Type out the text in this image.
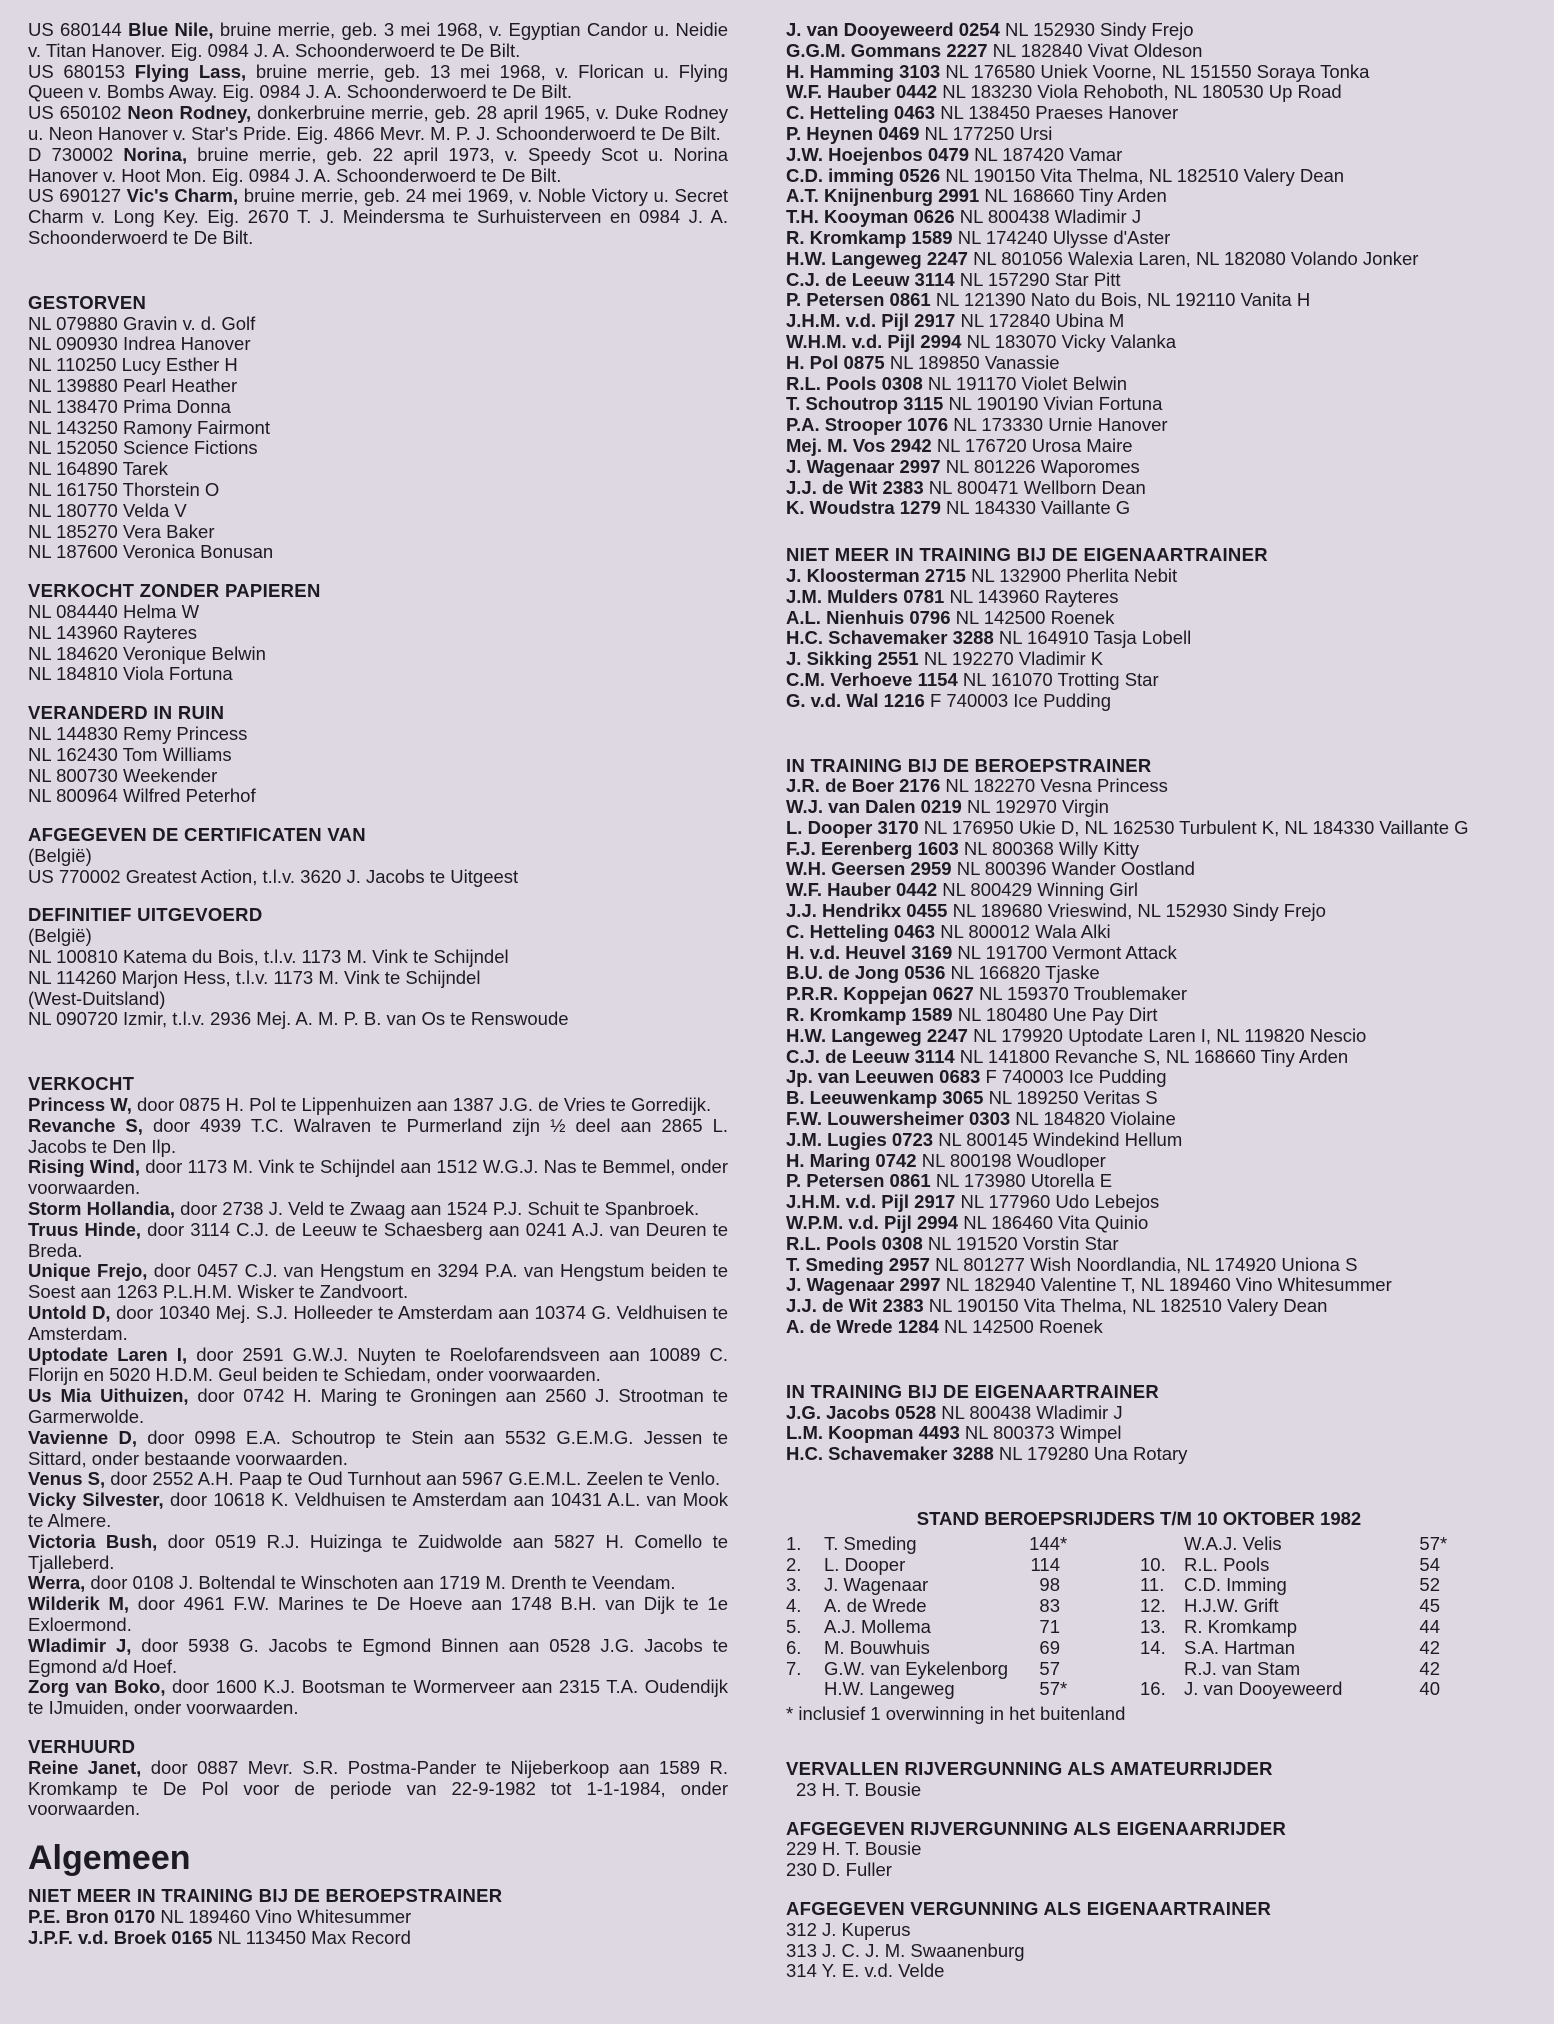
US 680144 Blue Nile, bruine merrie, geb. 3 mei 1968, v. Egyptian Candor u. Neidie v. Titan Hanover. Eig. 0984 J. A. Schoonderwoerd te De Bilt.

US 680153 Flying Lass, bruine merrie, geb. 13 mei 1968, v. Florican u. Flying Queen v. Bombs Away. Eig. 0984 J. A. Schoonderwoerd te De Bilt.

US 650102 Neon Rodney, donkerbruine merrie, geb. 28 april 1965, v. Duke Rodney u. Neon Hanover v. Star's Pride. Eig. 4866 Mevr. M. P. J. Schoonderwoerd te De Bilt.

D 730002 Norina, bruine merrie, geb. 22 april 1973, v. Speedy Scot u. Norina Hanover v. Hoot Mon. Eig. 0984 J. A. Schoonderwoerd te De Bilt.

US 690127 Vic's Charm, bruine merrie, geb. 24 mei 1969, v. Noble Victory u. Secret Charm v. Long Key. Eig. 2670 T. J. Meindersma te Surhuisterveen en 0984 J. A. Schoonderwoerd te De Bilt.

GESTORVEN
NL 079880 Gravin v. d. Golf
NL 090930 Indrea Hanover
NL 110250 Lucy Esther H
NL 139880 Pearl Heather
NL 138470 Prima Donna
NL 143250 Ramony Fairmont
NL 152050 Science Fictions
NL 164890 Tarek
NL 161750 Thorstein O
NL 180770 Velda V
NL 185270 Vera Baker
NL 187600 Veronica Bonusan
VERKOCHT ZONDER PAPIEREN
NL 084440 Helma W
NL 143960 Rayteres
NL 184620 Veronique Belwin
NL 184810 Viola Fortuna
VERANDERD IN RUIN
NL 144830 Remy Princess
NL 162430 Tom Williams
NL 800730 Weekender
NL 800964 Wilfred Peterhof
AFGEGEVEN DE CERTIFICATEN VAN
(België)
US 770002 Greatest Action, t.l.v. 3620 J. Jacobs te Uitgeest
DEFINITIEF UITGEVOERD
(België)
NL 100810 Katema du Bois, t.l.v. 1173 M. Vink te Schijndel
NL 114260 Marjon Hess, t.l.v. 1173 M. Vink te Schijndel
(West-Duitsland)
NL 090720 Izmir, t.l.v. 2936 Mej. A. M. P. B. van Os te Renswoude
VERKOCHT

Princess W, door 0875 H. Pol te Lippenhuizen aan 1387 J.G. de Vries te Gorredijk.

Revanche S, door 4939 T.C. Walraven te Purmerland zijn ½ deel aan 2865 L. Jacobs te Den Ilp.

Rising Wind, door 1173 M. Vink te Schijndel aan 1512 W.G.J. Nas te Bemmel, onder voorwaarden.

Storm Hollandia, door 2738 J. Veld te Zwaag aan 1524 P.J. Schuit te Spanbroek.

Truus Hinde, door 3114 C.J. de Leeuw te Schaesberg aan 0241 A.J. van Deuren te Breda.

Unique Frejo, door 0457 C.J. van Hengstum en 3294 P.A. van Hengstum beiden te Soest aan 1263 P.L.H.M. Wisker te Zandvoort.

Untold D, door 10340 Mej. S.J. Holleeder te Amsterdam aan 10374 G. Veldhuisen te Amsterdam.

Uptodate Laren I, door 2591 G.W.J. Nuyten te Roelofarendsveen aan 10089 C. Florijn en 5020 H.D.M. Geul beiden te Schiedam, onder voorwaarden.

Us Mia Uithuizen, door 0742 H. Maring te Groningen aan 2560 J. Strootman te Garmerwolde.

Vavienne D, door 0998 E.A. Schoutrop te Stein aan 5532 G.E.M.G. Jessen te Sittard, onder bestaande voorwaarden.

Venus S, door 2552 A.H. Paap te Oud Turnhout aan 5967 G.E.M.L. Zeelen te Venlo.

Vicky Silvester, door 10618 K. Veldhuisen te Amsterdam aan 10431 A.L. van Mook te Almere.

Victoria Bush, door 0519 R.J. Huizinga te Zuidwolde aan 5827 H. Comello te Tjalleberd.

Werra, door 0108 J. Boltendal te Winschoten aan 1719 M. Drenth te Veendam.

Wilderik M, door 4961 F.W. Marines te De Hoeve aan 1748 B.H. van Dijk te 1e Exloermond.

Wladimir J, door 5938 G. Jacobs te Egmond Binnen aan 0528 J.G. Jacobs te Egmond a/d Hoef.

Zorg van Boko, door 1600 K.J. Bootsman te Wormerveer aan 2315 T.A. Oudendijk te IJmuiden, onder voorwaarden.

VERHUURD

Reine Janet, door 0887 Mevr. S.R. Postma-Pander te Nijeberkoop aan 1589 R. Kromkamp te De Pol voor de periode van 22-9-1982 tot 1-1-1984, onder voorwaarden.

Algemeen
NIET MEER IN TRAINING BIJ DE BEROEPSTRAINER
P.E. Bron 0170 NL 189460 Vino Whitesummer
J.P.F. v.d. Broek 0165 NL 113450 Max Record
J. van Dooyeweerd 0254 NL 152930 Sindy Frejo
G.G.M. Gommans 2227 NL 182840 Vivat Oldeson
H. Hamming 3103 NL 176580 Uniek Voorne, NL 151550 Soraya Tonka
W.F. Hauber 0442 NL 183230 Viola Rehoboth, NL 180530 Up Road
C. Hetteling 0463 NL 138450 Praeses Hanover
P. Heynen 0469 NL 177250 Ursi
J.W. Hoejenbos 0479 NL 187420 Vamar
C.D. imming 0526 NL 190150 Vita Thelma, NL 182510 Valery Dean
A.T. Knijnenburg 2991 NL 168660 Tiny Arden
T.H. Kooyman 0626 NL 800438 Wladimir J
R. Kromkamp 1589 NL 174240 Ulysse d'Aster
H.W. Langeweg 2247 NL 801056 Walexia Laren, NL 182080 Volando Jonker
C.J. de Leeuw 3114 NL 157290 Star Pitt
P. Petersen 0861 NL 121390 Nato du Bois, NL 192110 Vanita H
J.H.M. v.d. Pijl 2917 NL 172840 Ubina M
W.H.M. v.d. Pijl 2994 NL 183070 Vicky Valanka
H. Pol 0875 NL 189850 Vanassie
R.L. Pools 0308 NL 191170 Violet Belwin
T. Schoutrop 3115 NL 190190 Vivian Fortuna
P.A. Strooper 1076 NL 173330 Urnie Hanover
Mej. M. Vos 2942 NL 176720 Urosa Maire
J. Wagenaar 2997 NL 801226 Waporomes
J.J. de Wit 2383 NL 800471 Wellborn Dean
K. Woudstra 1279 NL 184330 Vaillante G
NIET MEER IN TRAINING BIJ DE EIGENAARTRAINER
J. Kloosterman 2715 NL 132900 Pherlita Nebit
J.M. Mulders 0781 NL 143960 Rayteres
A.L. Nienhuis 0796 NL 142500 Roenek
H.C. Schavemaker 3288 NL 164910 Tasja Lobell
J. Sikking 2551 NL 192270 Vladimir K
C.M. Verhoeve 1154 NL 161070 Trotting Star
G. v.d. Wal 1216 F 740003 Ice Pudding
IN TRAINING BIJ DE BEROEPSTRAINER
J.R. de Boer 2176 NL 182270 Vesna Princess
W.J. van Dalen 0219 NL 192970 Virgin
L. Dooper 3170 NL 176950 Ukie D, NL 162530 Turbulent K, NL 184330 Vaillante G
F.J. Eerenberg 1603 NL 800368 Willy Kitty
W.H. Geersen 2959 NL 800396 Wander Oostland
W.F. Hauber 0442 NL 800429 Winning Girl
J.J. Hendrikx 0455 NL 189680 Vrieswind, NL 152930 Sindy Frejo
C. Hetteling 0463 NL 800012 Wala Alki
H. v.d. Heuvel 3169 NL 191700 Vermont Attack
B.U. de Jong 0536 NL 166820 Tjaske
P.R.R. Koppejan 0627 NL 159370 Troublemaker
R. Kromkamp 1589 NL 180480 Une Pay Dirt
H.W. Langeweg 2247 NL 179920 Uptodate Laren I, NL 119820 Nescio
C.J. de Leeuw 3114 NL 141800 Revanche S, NL 168660 Tiny Arden
Jp. van Leeuwen 0683 F 740003 Ice Pudding
B. Leeuwenkamp 3065 NL 189250 Veritas S
F.W. Louwersheimer 0303 NL 184820 Violaine
J.M. Lugies 0723 NL 800145 Windekind Hellum
H. Maring 0742 NL 800198 Woudloper
P. Petersen 0861 NL 173980 Utorella E
J.H.M. v.d. Pijl 2917 NL 177960 Udo Lebejos
W.P.M. v.d. Pijl 2994 NL 186460 Vita Quinio
R.L. Pools 0308 NL 191520 Vorstin Star
T. Smeding 2957 NL 801277 Wish Noordlandia, NL 174920 Uniona S
J. Wagenaar 2997 NL 182940 Valentine T, NL 189460 Vino Whitesummer
J.J. de Wit 2383 NL 190150 Vita Thelma, NL 182510 Valery Dean
A. de Wrede 1284 NL 142500 Roenek
IN TRAINING BIJ DE EIGENAARTRAINER
J.G. Jacobs 0528 NL 800438 Wladimir J
L.M. Koopman 4493 NL 800373 Wimpel
H.C. Schavemaker 3288 NL 179280 Una Rotary
STAND BEROEPSRIJDERS T/M 10 OKTOBER 1982
1.	T. Smeding	144	*			W.A.J. Velis	57	*
2.	L. Dooper	114			10.	R.L. Pools	54	
3.	J. Wagenaar	98			11.	C.D. Imming	52	
4.	A. de Wrede	83			12.	H.J.W. Grift	45	
5.	A.J. Mollema	71			13.	R. Kromkamp	44	
6.	M. Bouwhuis	69			14.	S.A. Hartman	42	
7.	G.W. van Eykelenborg	57				R.J. van Stam	42	
	H.W. Langeweg	57	*		16.	J. van Dooyeweerd	40	
* inclusief 1 overwinning in het buitenland
VERVALLEN RIJVERGUNNING ALS AMATEURRIJDER
23 H. T. Bousie
AFGEGEVEN RIJVERGUNNING ALS EIGENAARRIJDER
229 H. T. Bousie
230 D. Fuller
AFGEGEVEN VERGUNNING ALS EIGENAARTRAINER
312 J. Kuperus
313 J. C. J. M. Swaanenburg
314 Y. E. v.d. Velde
